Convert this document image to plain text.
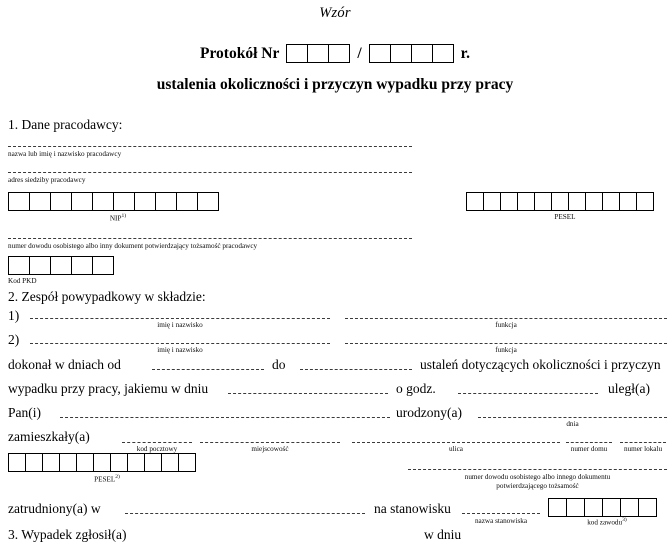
Wzór
Protokół Nr	/	r.
ustalenia okoliczności i przyczyn wypadku przy pracy
1. Dane pracodawcy:
nazwa lub imię i nazwisko pracodawcy
adres siedziby pracodawcy
NIP$^{1)}$	PESEL
numer dowodu osobistego albo inny dokument potwierdzający tożsamość pracodawcy
Kod PKD
2. Zespół powypadkowy w składzie:
1)
imię i nazwisko	funkcja
2)
imię i nazwisko	funkcja
dokonał w dniach od	do	ustaleń dotyczących okoliczności i przyczyn
wypadku przy pracy, jakiemu w dniu	o godz.	uległ(a)
Pan(i)	urodzony(a)
dnia
zamieszkały(a)
kod pocztowy	miejscowość	ulica	numer domu	numer lokalu
PESEL$^{2)}$	numer dowodu osobistego albo innego dokumentu
potwierdzającego tożsamość
zatrudniony(a) w	na stanowisku
nazwa stanowiska	kod zawodu$^{3)}$
3. Wypadek zgłosił(a)	w dniu
